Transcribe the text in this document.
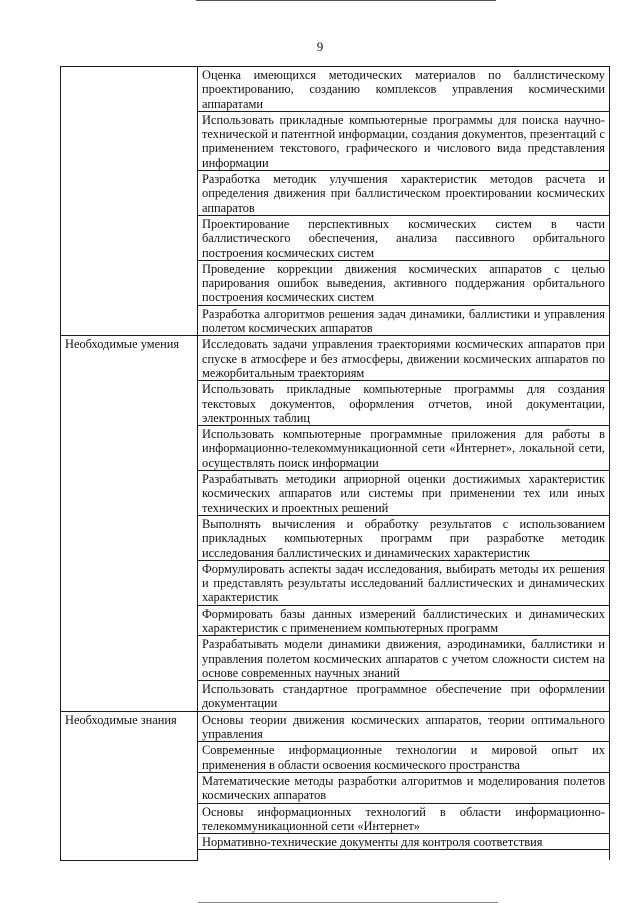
9
	Оценка имеющихся методических материалов по баллистическому проектированию, созданию комплексов управления космическими аппаратами
	Использовать прикладные компьютерные программы для поиска научно-технической и патентной информации, создания документов, презентаций с применением текстового, графического и числового вида представления информации
	Разработка методик улучшения характеристик методов расчета и определения движения при баллистическом проектировании космических аппаратов
	Проектирование перспективных космических систем в части баллистического обеспечения, анализа пассивного орбитального построения космических систем
	Проведение коррекции движения космических аппаратов с целью парирования ошибок выведения, активного поддержания орбитального построения космических систем
	Разработка алгоритмов решения задач динамики, баллистики и управления полетом космических аппаратов
Необходимые умения	Исследовать задачи управления траекториями космических аппаратов при спуске в атмосфере и без атмосферы, движении космических аппаратов по межорбитальным траекториям
	Использовать прикладные компьютерные программы для создания текстовых документов, оформления отчетов, иной документации, электронных таблиц
	Использовать компьютерные программные приложения для работы в информационно-телекоммуникационной сети «Интернет», локальной сети, осуществлять поиск информации
	Разрабатывать методики априорной оценки достижимых характеристик космических аппаратов или системы при применении тех или иных технических и проектных решений
	Выполнять вычисления и обработку результатов с использованием прикладных компьютерных программ при разработке методик исследования баллистических и динамических характеристик
	Формулировать аспекты задач исследования, выбирать методы их решения и представлять результаты исследований баллистических и динамических характеристик
	Формировать базы данных измерений баллистических и динамических характеристик с применением компьютерных программ
	Разрабатывать модели динамики движения, аэродинамики, баллистики и управления полетом космических аппаратов с учетом сложности систем на основе современных научных знаний
	Использовать стандартное программное обеспечение при оформлении документации
Необходимые знания	Основы теории движения космических аппаратов, теории оптимального управления
	Современные информационные технологии и мировой опыт их применения в области освоения космического пространства
	Математические методы разработки алгоритмов и моделирования полетов космических аппаратов
	Основы информационных технологий в области информационно-телекоммуникационной сети «Интернет»
	Нормативно-технические документы для контроля соответствия
